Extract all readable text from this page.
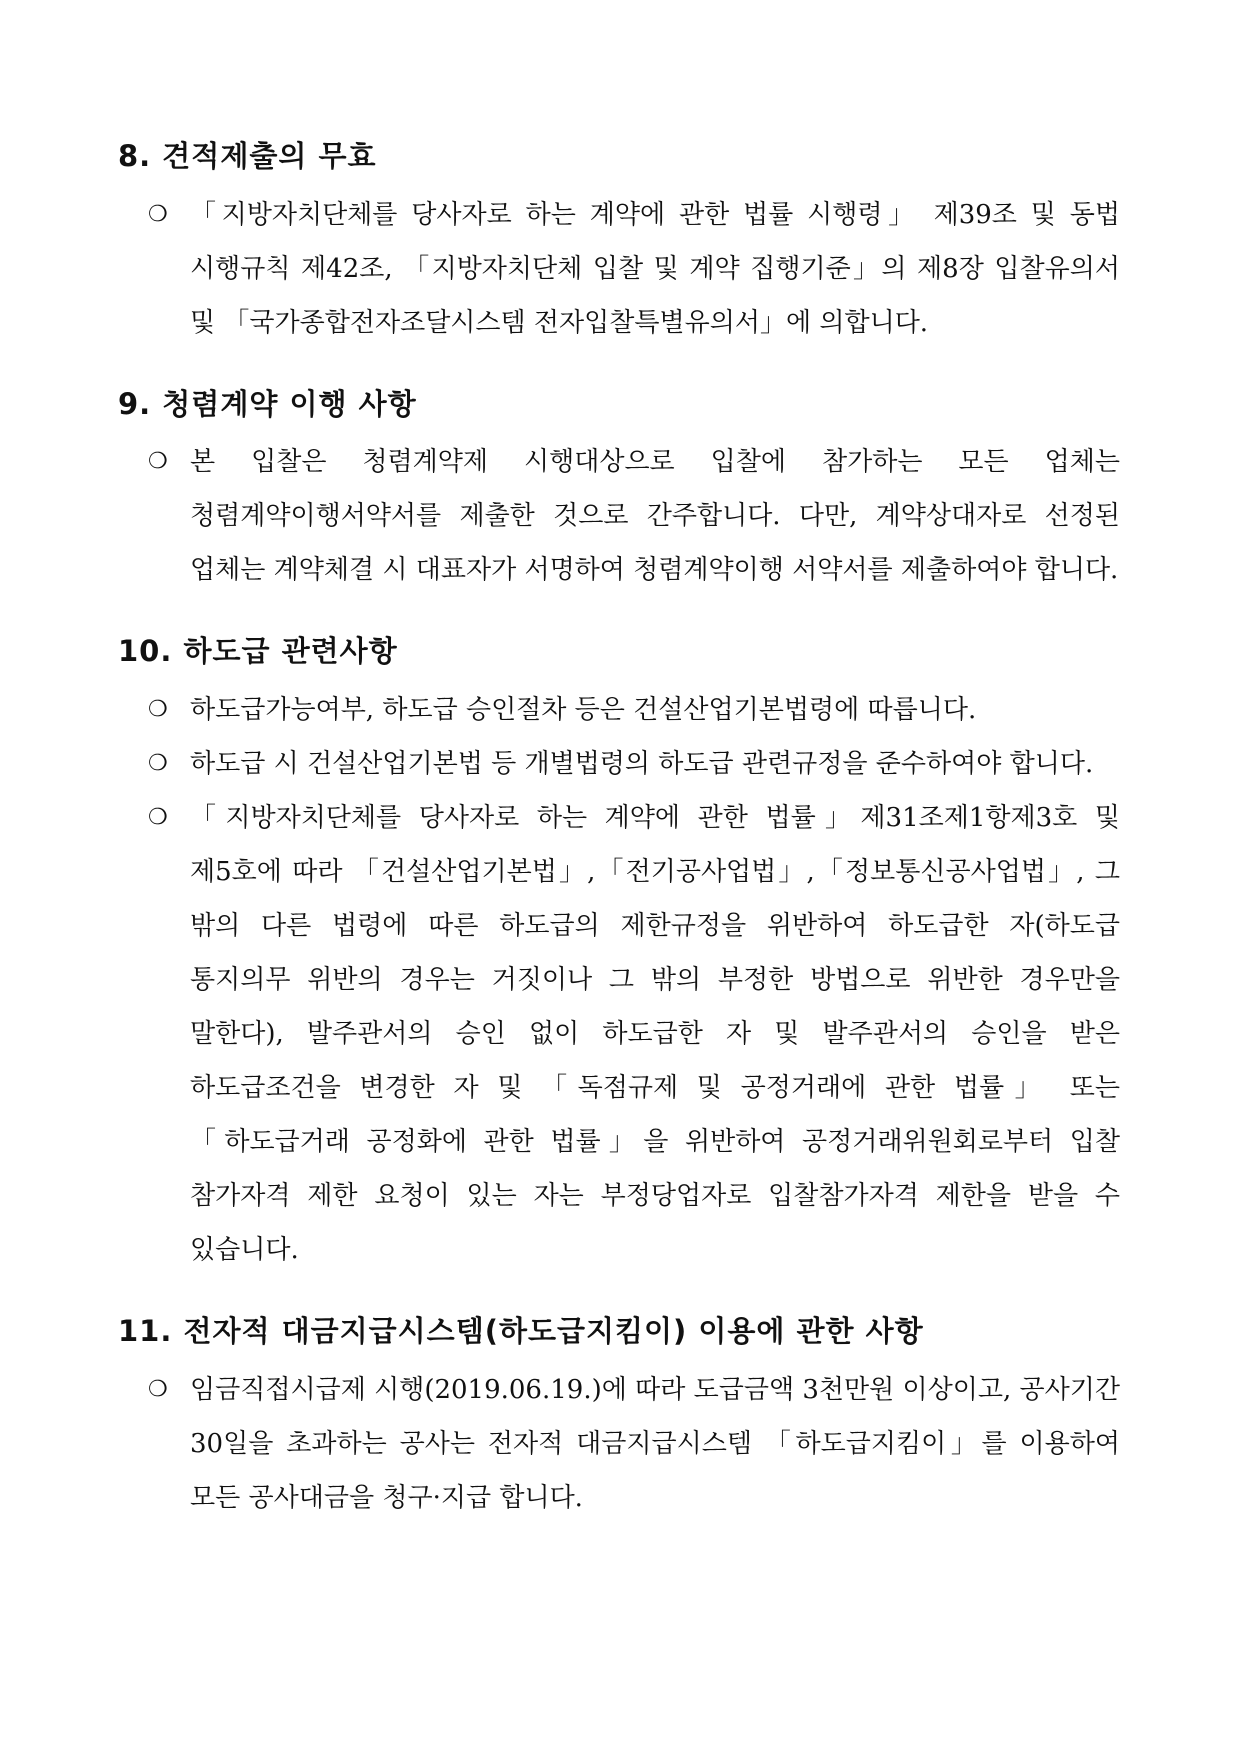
8. 견적제출의 무효

❍ 「지방자치단체를 당사자로 하는 계약에 관한 법률 시행령」 제39조 및 동법 시행규칙 제42조, 「지방자치단체 입찰 및 계약 집행기준」의 제8장 입찰유의서 및 「국가종합전자조달시스템 전자입찰특별유의서」에 의합니다.

9. 청렴계약 이행 사항

❍ 본 입찰은 청렴계약제 시행대상으로 입찰에 참가하는 모든 업체는 청렴계약이행서약서를 제출한 것으로 간주합니다. 다만, 계약상대자로 선정된 업체는 계약체결 시 대표자가 서명하여 청렴계약이행 서약서를 제출하여야 합니다.

10. 하도급 관련사항

❍ 하도급가능여부, 하도급 승인절차 등은 건설산업기본법령에 따릅니다.

❍ 하도급 시 건설산업기본법 등 개별법령의 하도급 관련규정을 준수하여야 합니다.

❍ 「지방자치단체를 당사자로 하는 계약에 관한 법률」제31조제1항제3호 및 제5호에 따라 「건설산업기본법」,「전기공사업법」,「정보통신공사업법」, 그 밖의 다른 법령에 따른 하도급의 제한규정을 위반하여 하도급한 자(하도급 통지의무 위반의 경우는 거짓이나 그 밖의 부정한 방법으로 위반한 경우만을 말한다), 발주관서의 승인 없이 하도급한 자 및 발주관서의 승인을 받은 하도급조건을 변경한 자 및 「독점규제 및 공정거래에 관한 법률」 또는 「하도급거래 공정화에 관한 법률」을 위반하여 공정거래위원회로부터 입찰 참가자격 제한 요청이 있는 자는 부정당업자로 입찰참가자격 제한을 받을 수 있습니다.

11. 전자적 대금지급시스템(하도급지킴이) 이용에 관한 사항

❍ 임금직접시급제 시행(2019.06.19.)에 따라 도급금액 3천만원 이상이고, 공사기간 30일을 초과하는 공사는 전자적 대금지급시스템 「하도급지킴이」를 이용하여 모든 공사대금을 청구·지급 합니다.
